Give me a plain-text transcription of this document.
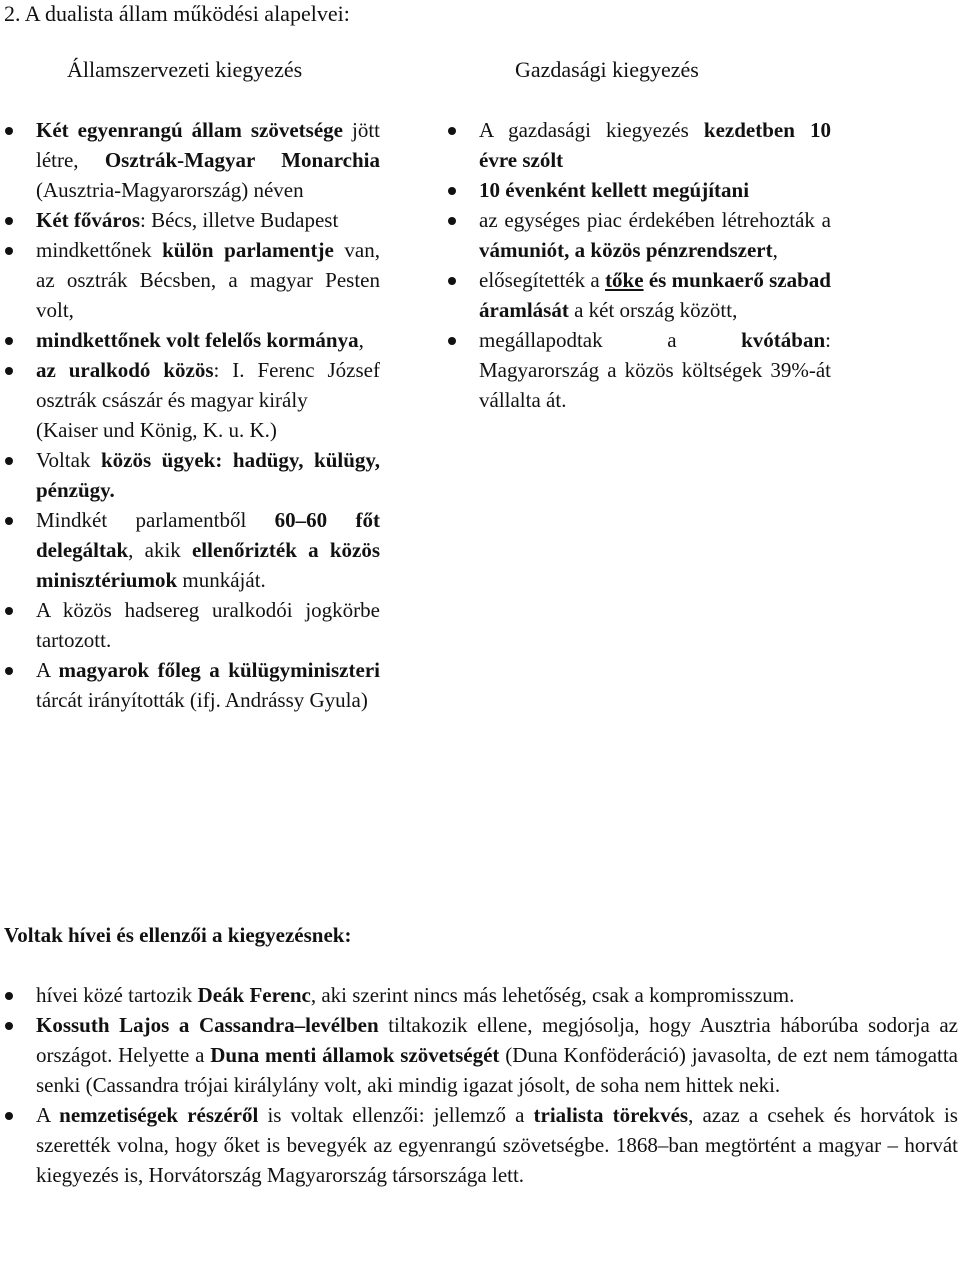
2. A dualista állam működési alapelvei:
Államszervezeti kiegyezés	Gazdasági kiegyezés
Két egyenrangú állam szövetsége jött létre, Osztrák-Magyar Monarchia (Ausztria-Magyarország) néven
Két főváros: Bécs, illetve Budapest
mindkettőnek külön parlamentje van, az osztrák Bécsben, a magyar Pesten volt,
mindkettőnek volt felelős kormánya,
az uralkodó közös: I. Ferenc József osztrák császár és magyar király
(Kaiser und König, K. u. K.)
Voltak közös ügyek: hadügy, külügy, pénzügy.
Mindkét parlamentből 60–60 főt delegáltak, akik ellenőrizték a közös minisztériumok munkáját.
A közös hadsereg uralkodói jogkörbe tartozott.
A magyarok főleg a külügyminiszteri tárcát irányították (ifj. Andrássy Gyula)
A gazdasági kiegyezés kezdetben 10 évre szólt
10 évenként kellett megújítani
az egységes piac érdekében létrehozták a vámuniót, a közös pénzrendszert,
elősegítették a tőke és munkaerő szabad áramlását a két ország között,
megállapodtak a kvótában: Magyarország a közös költségek 39%-át vállalta át.
Voltak hívei és ellenzői a kiegyezésnek:
hívei közé tartozik Deák Ferenc, aki szerint nincs más lehetőség, csak a kompromisszum.
Kossuth Lajos a Cassandra–levélben tiltakozik ellene, megjósolja, hogy Ausztria háborúba sodorja az országot. Helyette a Duna menti államok szövetségét (Duna Konföderáció) javasolta, de ezt nem támogatta senki (Cassandra trójai királylány volt, aki mindig igazat jósolt, de soha nem hittek neki.
A nemzetiségek részéről is voltak ellenzői: jellemző a trialista törekvés, azaz a csehek és horvátok is szerették volna, hogy őket is bevegyék az egyenrangú szövetségbe. 1868–ban megtörtént a magyar – horvát kiegyezés is, Horvátország Magyarország társországa lett.
